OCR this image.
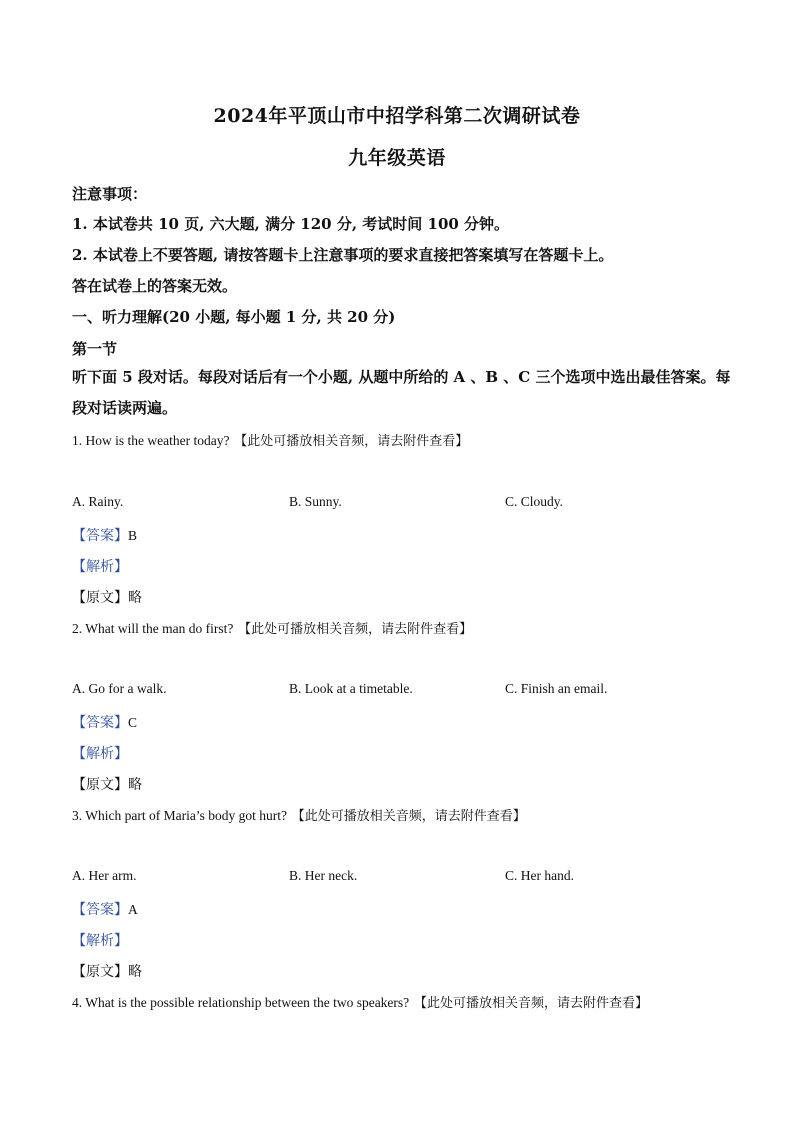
2024年平顶山市中招学科第二次调研试卷
九年级英语
注意事项：
1. 本试卷共 10 页, 六大题, 满分 120 分, 考试时间 100 分钟。
2. 本试卷上不要答题, 请按答题卡上注意事项的要求直接把答案填写在答题卡上。
答在试卷上的答案无效。
一、听力理解(20 小题, 每小题 1 分, 共 20 分)
第一节
听下面 5 段对话。每段对话后有一个小题, 从题中所给的 A 、B 、C 三个选项中选出最佳答案。每段对话读两遍。
1. How is the weather today? 【此处可播放相关音频，请去附件查看】
A. Rainy.	B. Sunny.	C. Cloudy.
【答案】B
【解析】
【原文】略
2. What will the man do first? 【此处可播放相关音频，请去附件查看】
A. Go for a walk.	B. Look at a timetable.	C. Finish an email.
【答案】C
【解析】
【原文】略
3. Which part of Maria’s body got hurt? 【此处可播放相关音频，请去附件查看】
A. Her arm.	B. Her neck.	C. Her hand.
【答案】A
【解析】
【原文】略
4. What is the possible relationship between the two speakers? 【此处可播放相关音频，请去附件查看】
